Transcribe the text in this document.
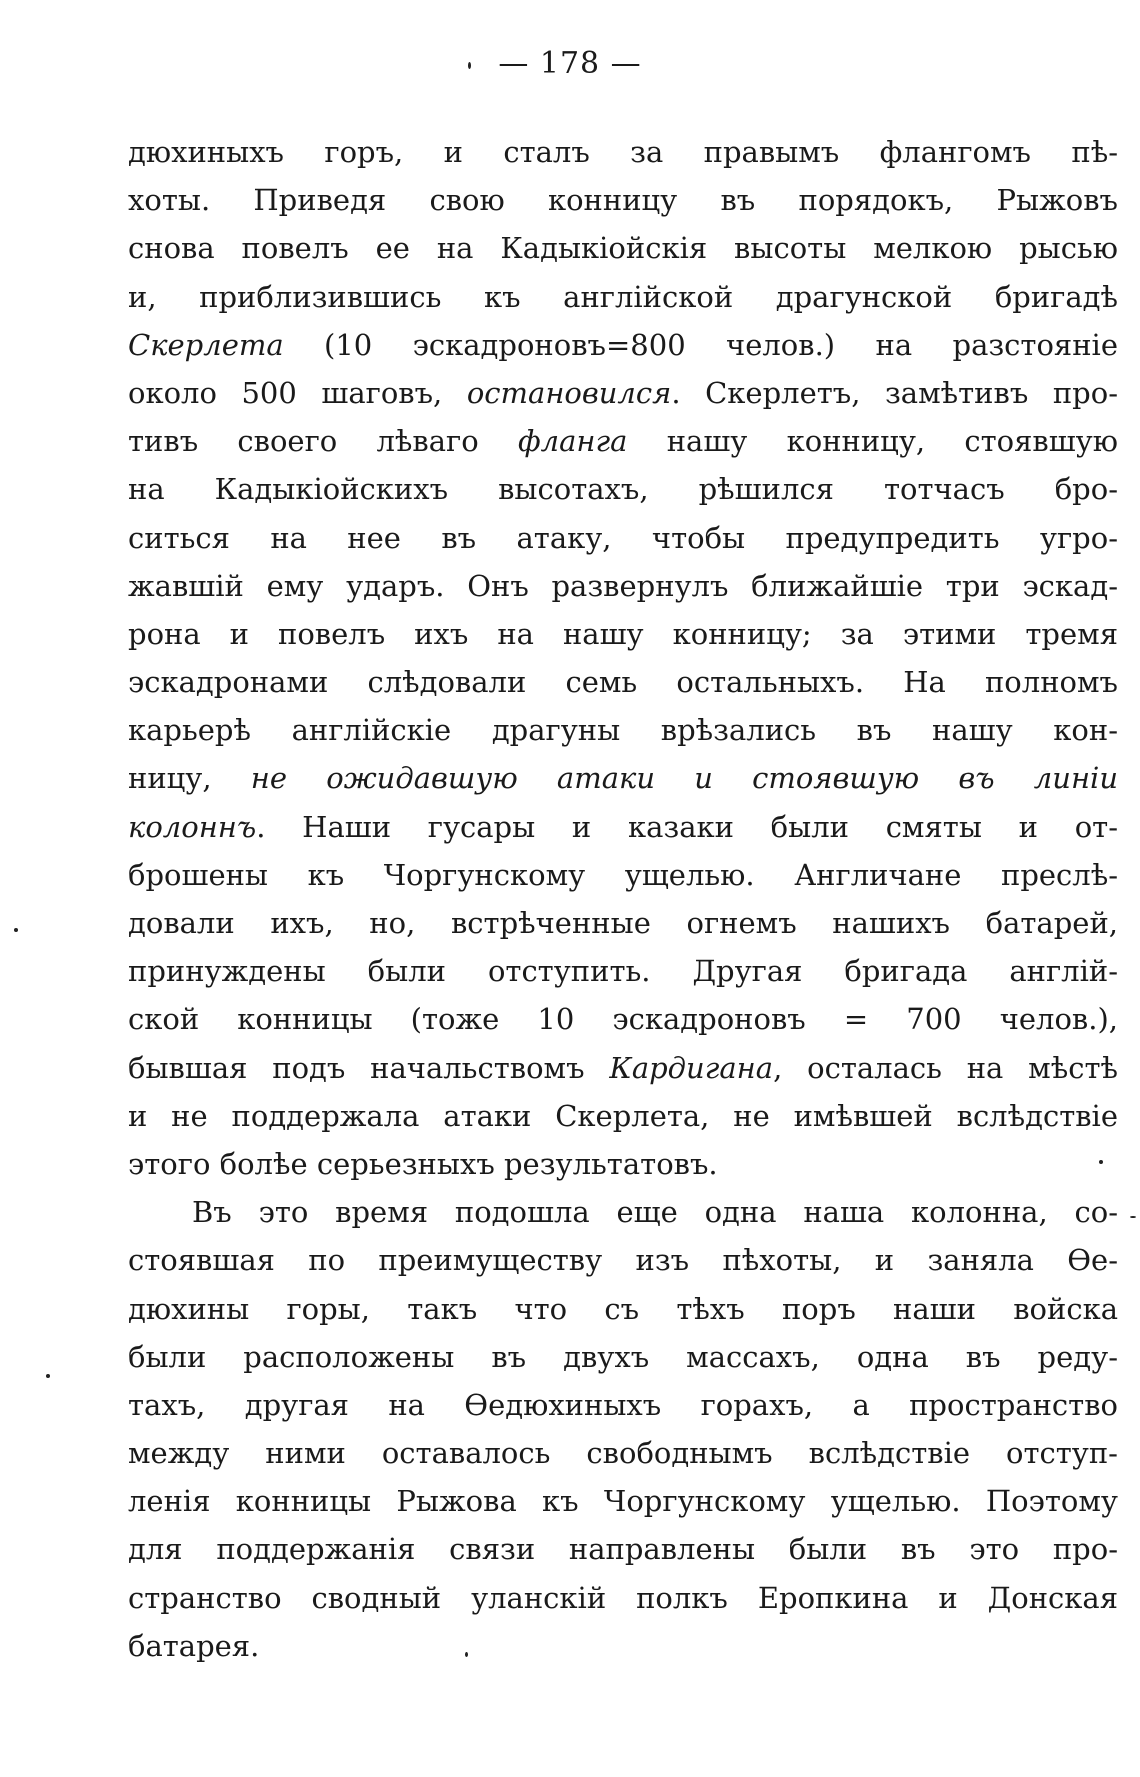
— 178 —
дюхиныхъ горъ, и сталъ за правымъ флангомъ пѣ-
хоты. Приведя свою конницу въ порядокъ, Рыжовъ
снова повелъ ее на Кадыкіойскія высоты мелкою рысью
и, приблизившись къ англійской драгунской бригадѣ
Скерлета (10 эскадроновъ=800 челов.) на разстояніе
около 500 шаговъ, остановился. Скерлетъ, замѣтивъ про-
тивъ своего лѣваго фланга нашу конницу, стоявшую
на Кадыкіойскихъ высотахъ, рѣшился тотчасъ бро-
ситься на нее въ атаку, чтобы предупредить угро-
жавшій ему ударъ. Онъ развернулъ ближайшіе три эскад-
рона и повелъ ихъ на нашу конницу; за этими тремя
эскадронами слѣдовали семь остальныхъ. На полномъ
карьерѣ англійскіе драгуны врѣзались въ нашу кон-
ницу, не ожидавшую атаки и стоявшую въ линіи
колоннъ. Наши гусары и казаки были смяты и от-
брошены къ Чоргунскому ущелью. Англичане преслѣ-
довали ихъ, но, встрѣченные огнемъ нашихъ батарей,
принуждены были отступить. Другая бригада англій-
ской конницы (тоже 10 эскадроновъ = 700 челов.),
бывшая подъ начальствомъ Кардигана, осталась на мѣстѣ
и не поддержала атаки Скерлета, не имѣвшей вслѣдствіе
этого болѣе серьезныхъ результатовъ.
Въ это время подошла еще одна наша колонна, со-
стоявшая по преимуществу изъ пѣхоты, и заняла Ѳе-
дюхины горы, такъ что съ тѣхъ поръ наши войска
были расположены въ двухъ массахъ, одна въ реду-
тахъ, другая на Ѳедюхиныхъ горахъ, а пространство
между ними оставалось свободнымъ вслѣдствіе отступ-
ленія конницы Рыжова къ Чоргунскому ущелью. Поэтому
для поддержанія связи направлены были въ это про-
странство сводный уланскій полкъ Еропкина и Донская
батарея.
